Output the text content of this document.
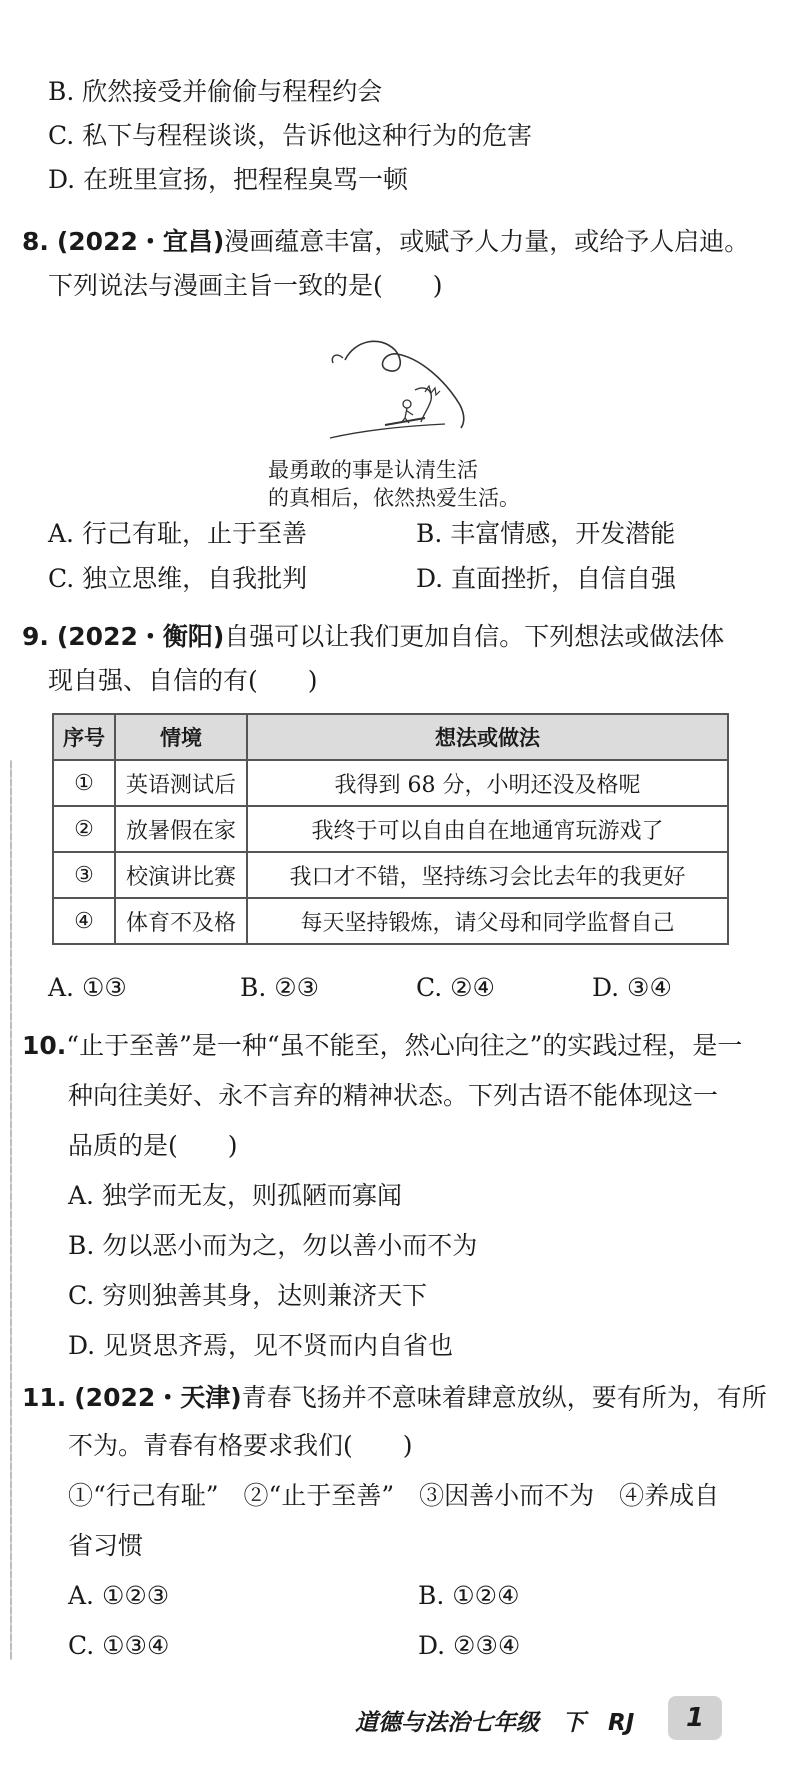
B. 欣然接受并偷偷与程程约会
C. 私下与程程谈谈，告诉他这种行为的危害
D. 在班里宣扬，把程程臭骂一顿
8. (2022・宜昌)漫画蕴意丰富，或赋予人力量，或给予人启迪。
下列说法与漫画主旨一致的是(　　)
最勇敢的事是认清生活
的真相后，依然热爱生活。
A. 行己有耻，止于至善	B. 丰富情感，开发潜能
C. 独立思维，自我批判	D. 直面挫折，自信自强
9. (2022・衡阳)自强可以让我们更加自信。下列想法或做法体
现自强、自信的有(　　)
序号	情境	想法或做法
①	英语测试后	我得到 68 分，小明还没及格呢
②	放暑假在家	我终于可以自由自在地通宵玩游戏了
③	校演讲比赛	我口才不错，坚持练习会比去年的我更好
④	体育不及格	每天坚持锻炼，请父母和同学监督自己
A. ①③	B. ②③	C. ②④	D. ③④
10.“止于至善”是一种“虽不能至，然心向往之”的实践过程，是一
种向往美好、永不言弃的精神状态。下列古语不能体现这一
品质的是(　　)
A. 独学而无友，则孤陋而寡闻
B. 勿以恶小而为之，勿以善小而不为
C. 穷则独善其身，达则兼济天下
D. 见贤思齐焉，见不贤而内自省也
11. (2022・天津)青春飞扬并不意味着肆意放纵，要有所为，有所
不为。青春有格要求我们(　　)
①“行己有耻”　②“止于至善”　③因善小而不为　④养成自
省习惯
A. ①②③	B. ①②④
C. ①③④	D. ②③④
道德与法治七年级　下　RJ 1
